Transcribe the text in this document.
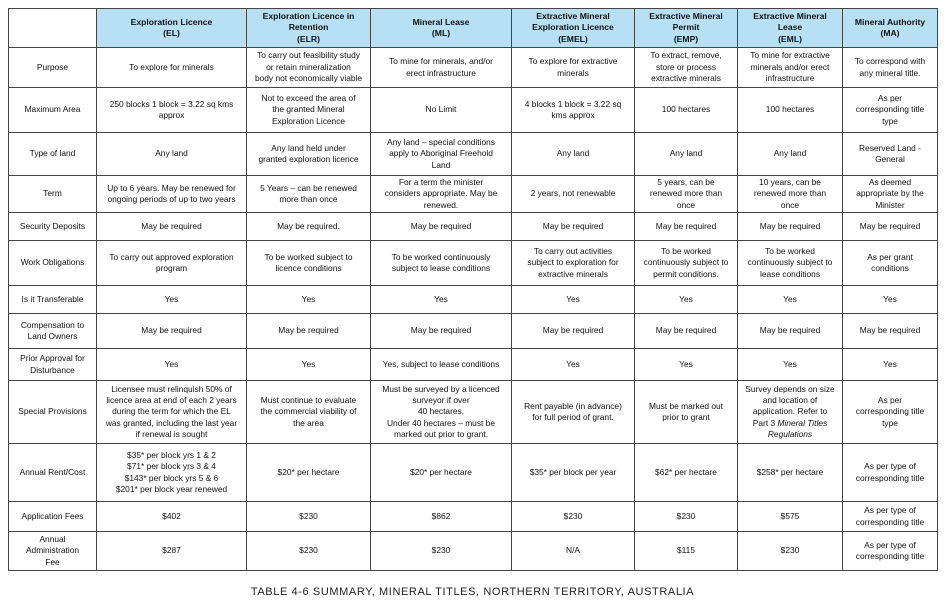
	Exploration Licence
(EL)	Exploration Licence in
Retention
(ELR)	Mineral Lease
(ML)	Extractive Mineral
Exploration Licence
(EMEL)	Extractive Mineral
Permit
(EMP)	Extractive Mineral
Lease
(EML)	Mineral Authority
(MA)

Purpose	To explore for minerals	To carry out feasibility study
or retain mineralization
body not economically viable	To mine for minerals, and/or
erect infrastructure	To explore for extractive
minerals	To extract, remove,
store or process
extractive minerals	To mine for extractive
minerals and/or erect
infrastructure	To correspond with
any mineral title.

Maximum Area	250 blocks 1 block = 3.22 sq kms
approx	Not to exceed the area of
the granted Mineral
Exploration Licence	No Limit	4 blocks 1 block = 3.22 sq
kms approx	100 hectares	100 hectares	As per
corresponding title
type

Type of land	Any land	Any land held under
granted exploration licence	Any land – special conditions
apply to Aboriginal Freehold
Land	Any land	Any land	Any land	Reserved Land -
General

Term	Up to 6 years. May be renewed for
ongoing periods of up to two years	5 Years – can be renewed
more than once	For a term the minister
considers appropriate. May be
renewed.	2 years, not renewable	5 years, can be
renewed more than
once	10 years, can be
renewed more than
once	As deemed
appropriate by the
Minister

Security Deposits	May be required	May be required.	May be required	May be required	May be required	May be required	May be required

Work Obligations	To carry out approved exploration
program	To be worked subject to
licence conditions	To be worked continuously
subject to lease conditions	To carry out activities
subject to exploration for
extractive minerals	To be worked
continuously subject to
permit conditions.	To be worked
continuously subject to
lease conditions	As per grant
conditions

Is it Transferable	Yes	Yes	Yes	Yes	Yes	Yes	Yes

Compensation to
Land Owners	May be required	May be required	May be required	May be required	May be required	May be required	May be required

Prior Approval for
Disturbance	Yes	Yes	Yes, subject to lease conditions	Yes	Yes	Yes	Yes

Special Provisions	Licensee must relinquish 50% of
licence area at end of each 2 years
during the term for which the EL
was granted, including the last year
if renewal is sought	Must continue to evaluate
the commercial viability of
the area	Must be surveyed by a licenced
surveyor if over
40 hectares.
Under 40 hectares – must be
marked out prior to grant.	Rent payable (in advance)
for full period of grant.	Must be marked out
prior to grant	Survey depends on size
and location of
application. Refer to
Part 3 Mineral Titles Regulations	As per
corresponding title
type

Annual Rent/Cost	$35* per block yrs 1 & 2
$71* per block yrs 3 & 4
$143* per block yrs 5 & 6
$201* per block year renewed	$20* per hectare	$20* per hectare	$35* per block per year	$62* per hectare	$258* per hectare	As per type of
corresponding title

Application Fees	$402	$230	$862	$230	$230	$575	As per type of
corresponding title

Annual
Administration
Fee	$287	$230	$230	N/A	$115	$230	As per type of
corresponding title
TABLE 4-6 SUMMARY, MINERAL TITLES, NORTHERN TERRITORY, AUSTRALIA
